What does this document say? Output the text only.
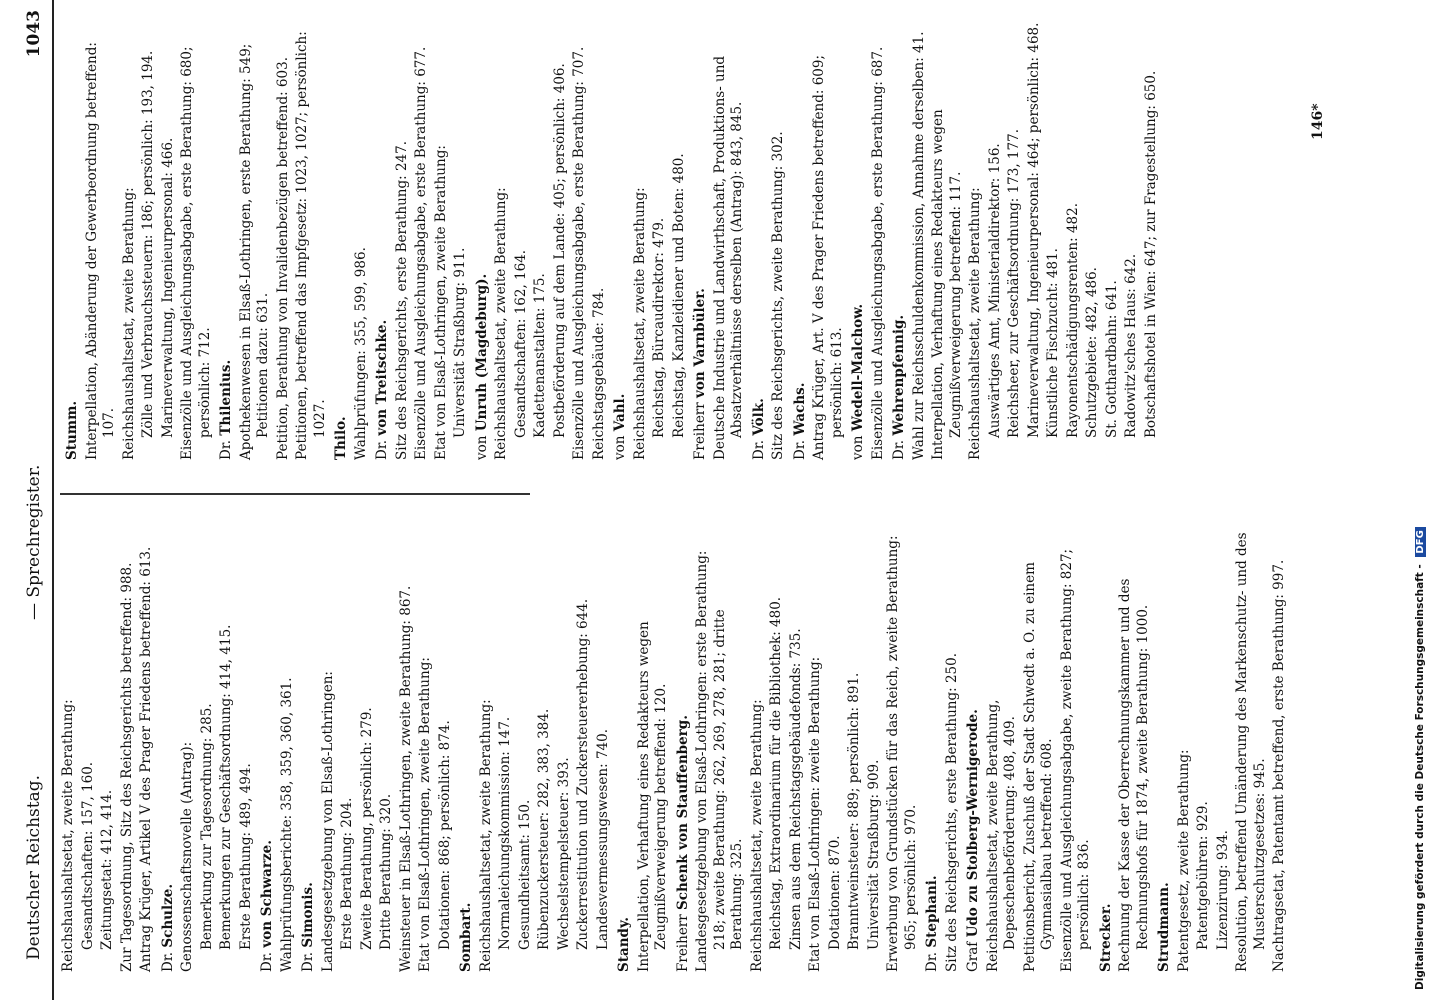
Deutscher Reichstag.
— Sprechregister.
1043
Reichshaushaltsetat, zweite Berathung: Gesandtschaften: 157, 160. Zeitungsetat: 412, 414. Zur Tagesordnung, Sitz des Reichsgerichts betreffend: 988. Antrag Krüger, Artikel V des Prager Friedens betreffend: 613. Dr. Schulze. Genossenschaftsnovelle (Antrag): Bemerkung zur Tagesordnung: 285. Bemerkungen zur Geschäftsordnung: 414, 415. Erste Berathung: 489, 494.
Dr. von Schwarze. Wahlprüfungsberichte: 358, 359, 360, 361. Dr. Simonis. Landesgesetzgebung von Elsaß-Lothringen: Erste Berathung: 204. Zweite Berathung, persönlich: 279. Dritte Berathung: 320. Weinsteuer in Elsaß-Lothringen, zweite Berathung: 867. Etat von Elsaß-Lothringen, zweite Berathung: Dotationen: 868; persönlich: 874. Sombart. Reichshaushaltsetat, zweite Berathung: Normaleichungskommission: 147. Gesundheitsamt: 150. Rübenzuckersteuer: 282, 383, 384. Wechselstempelsteuer: 393. Zuckerrestitution und Zuckersteuererhebung: 644. Landesvermessungswesen: 740. Standy. Interpellation, Verhaftung eines Redakteurs wegen Zeugnißverweigerung betreffend: 120. Freiherr Schenk von Stauffenberg. Landesgesetzgebung von Elsaß-Lothringen: erste Berathung: 218; zweite Berathung: 262, 269, 278, 281; dritte Berathung: 325. Reichshaushaltsetat, zweite Berathung: Reichstag, Extraordinarium für die Bibliothek: 480. Zinsen aus dem Reichstagsgebäudefonds: 735. Etat von Elsaß-Lothringen: zweite Berathung: Dotationen: 870. Branntweinsteuer: 889; persönlich: 891. Universität Straßburg: 909. Erwerbung von Grundstücken für das Reich, zweite Berathung: 965; persönlich: 970.
Dr. Stephani. Sitz des Reichsgerichts, erste Berathung: 250. Graf Udo zu Stolberg-Wernigerode. Reichshaushaltsetat, zweite Berathung, Depeschenbeförderung: 408, 409. Petitionsbericht, Zuschuß der Stadt Schwedt a. O. zu einem Gymnasialbau betreffend: 608. Eisenzölle und Ausgleichungsabgabe, zweite Berathung: 827; persönlich: 836. Strecker. Rechnung der Kasse der Oberrechnungskammer und des Rechnungshofs für 1874, zweite Berathung: 1000. Strudmann. Patentgesetz, zweite Berathung: Patentgebühren: 929. Lizenzirung: 934. Resolution, betreffend Umänderung des Markenschutz- und des Musterschutzgesetzes: 945. Nachtragsetat, Patentamt betreffend, erste Berathung: 997.
Stumm. Interpellation, Abänderung der Gewerbeordnung betreffend: 107. Reichshaushaltsetat, zweite Berathung: Zölle und Verbrauchssteuern: 186; persönlich: 193, 194. Marineverwaltung, Ingenieurpersonal: 466. Eisenzölle und Ausgleichungsabgabe, erste Berathung: 680; persönlich: 712.
Dr. Thilenius. Apothekenwesen in Elsaß-Lothringen, erste Berathung: 549; Petitionen dazu: 631. Petition, Berathung von Invalidenbezügen betreffend: 603. Petitionen, betreffend das Impfgesetz: 1023, 1027; persönlich: 1027. Thilo. Wahlprüfungen: 355, 599, 986. Dr. von Treitschke. Sitz des Reichsgerichts, erste Berathung: 247. Eisenzölle und Ausgleichungsabgabe, erste Berathung: 677. Etat von Elsaß-Lothringen, zweite Berathung: Universität Straßburg: 911.
von Unruh (Magdeburg). Reichshaushaltsetat, zweite Berathung: Gesandtschaften: 162, 164. Kadettenanstalten: 175. Postbeförderung auf dem Lande: 405; persönlich: 406. Eisenzölle und Ausgleichungsabgabe, erste Berathung: 707. Reichstagsgebäude: 784. von Vahl. Reichshaushaltsetat, zweite Berathung: Reichstag, Bürcaudirektor: 479. Reichstag, Kanzleidiener und Boten: 480. Freiherr von Varnbüler. Deutsche Industrie und Landwirthschaft, Produktions- und Absatzverhältnisse derselben (Antrag): 843, 845.
Dr. Völk. Sitz des Reichsgerichts, zweite Berathung: 302. Dr. Wachs. Antrag Krüger, Art. V des Prager Friedens betreffend: 609; persönlich: 613.
von Wedell-Malchow. Eisenzölle und Ausgleichungsabgabe, erste Berathung: 687. Dr. Wehrenpfennig. Wahl zur Reichsschuldenkommission, Annahme derselben: 41. Interpellation, Verhaftung eines Redakteurs wegen Zeugnißverweigerung betreffend: 117. Reichshaushaltsetat, zweite Berathung: Auswärtiges Amt, Ministerialdirektor: 156. Reichsheer, zur Geschäftsordnung: 173, 177. Marineverwaltung, Ingenieurpersonal: 464; persönlich: 468. Künstliche Fischzucht: 481. Rayonentschädigungsrenten: 482. Schutzgebiete: 482, 486. St. Gotthardbahn: 641. Radowitz'sches Haus: 642. Botschaftshotel in Wien: 647; zur Fragestellung: 650.	146*
Digitalisierung gefördert durch die Deutsche Forschungsgemeinschaft - DFG
